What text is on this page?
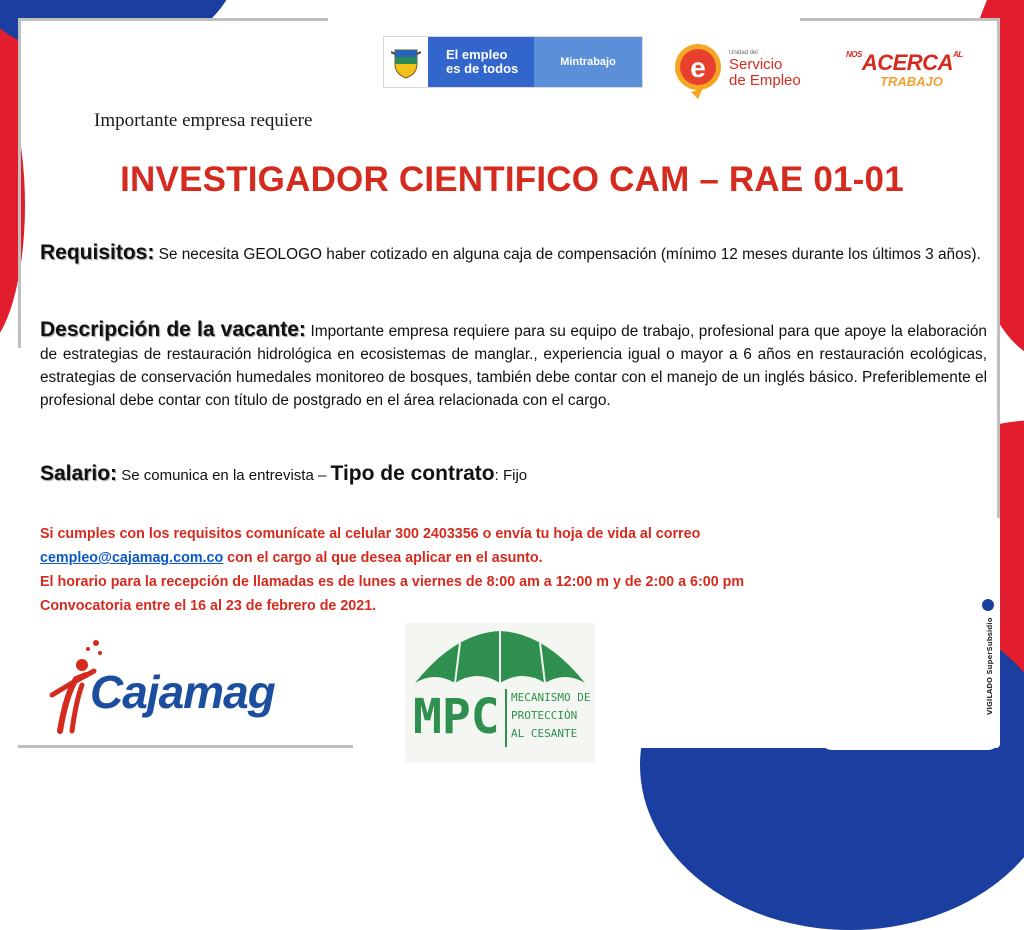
El empleo
es de todos	Mintrabajo	e	Unidad del
Servicio
de Empleo
$^{NOS}ACERCA^{AL}$
TRABAJO
Importante empresa requiere
INVESTIGADOR CIENTIFICO CAM – RAE 01-01
Requisitos: Se necesita GEOLOGO haber cotizado en alguna caja de compensación (mínimo 12 meses durante los últimos 3 años).
Descripción de la vacante: Importante empresa requiere para su equipo de trabajo, profesional para que apoye la elaboración de estrategias de restauración hidrológica en ecosistemas de manglar., experiencia igual o mayor a 6 años en restauración ecológicas, estrategias de conservación humedales monitoreo de bosques, también debe contar con el manejo de un inglés básico. Preferiblemente el profesional debe contar con título de postgrado en el área relacionada con el cargo.
Salario: Se comunica en la entrevista – Tipo de contrato: Fijo
Si cumples con los requisitos comunícate al celular 300 2403356 o envía tu hoja de vida al correo
cempleo@cajamag.com.co con el cargo al que desea aplicar en el asunto.
El horario para la recepción de llamadas es de lunes a viernes de 8:00 am a 12:00 m y de 2:00 a 6:00 pm
Convocatoria entre el 16 al 23 de febrero de 2021.
Cajamag	MPC MECANISMO DE
PROTECCIÓN
AL CESANTE
VIGILADO SuperSubsidio
